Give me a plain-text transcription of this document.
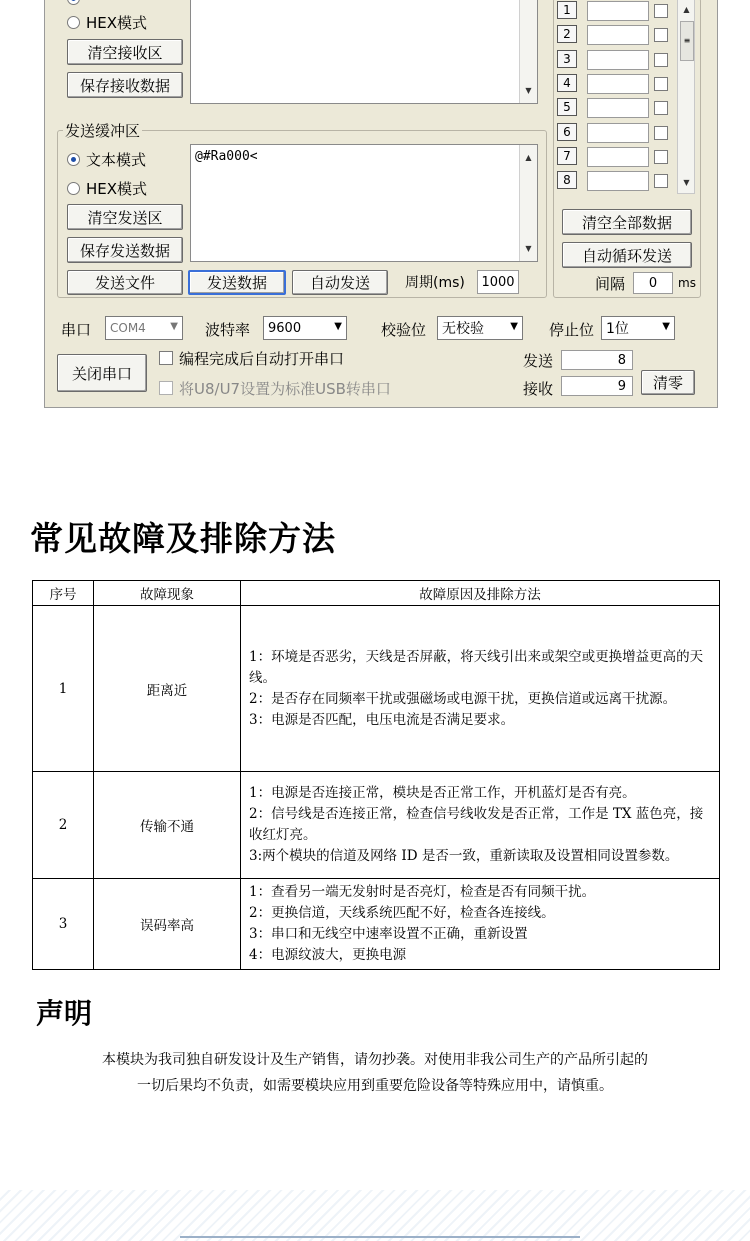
HEX模式
清空接收区
保存接收数据	▼
发送缓冲区
文本模式
HEX模式
清空发送区
保存发送数据
@#Ra000<	▲
▼
发送文件	发送数据	自动发送	周期(ms)	1000
1
2
3
4
5
6
7
8
▲
≡
▼
清空全部数据
自动循环发送
间隔	0	ms
串口 COM4 ▼ 波特率 9600	▼	校验位 无校验	▼ 停止位 1位	▼
关闭串口
编程完成后自动打开串口
将U8/U7设置为标准USB转串口
发送	8
接收	9	清零
常见故障及排除方法
序号	故障现象	故障原因及排除方法
1	距离近	1：环境是否恶劣，天线是否屏蔽，将天线引出来或架空或更换增益更高的天线。
2：是否存在同频率干扰或强磁场或电源干扰，更换信道或远离干扰源。
3：电源是否匹配，电压电流是否满足要求。

2	传输不通	1：电源是否连接正常，模块是否正常工作，开机蓝灯是否有亮。
2：信号线是否连接正常，检查信号线收发是否正常，工作是 TX 蓝色亮，接收红灯亮。
3:两个模块的信道及网络 ID 是否一致，重新读取及设置相同设置参数。

3	误码率高	1：查看另一端无发射时是否亮灯，检查是否有同频干扰。
2：更换信道，天线系统匹配不好，检查各连接线。
3：串口和无线空中速率设置不正确，重新设置
4：电源纹波大，更换电源
声明
本模块为我司独自研发设计及生产销售，请勿抄袭。对使用非我公司生产的产品所引起的
一切后果均不负责，如需要模块应用到重要危险设备等特殊应用中，请慎重。
